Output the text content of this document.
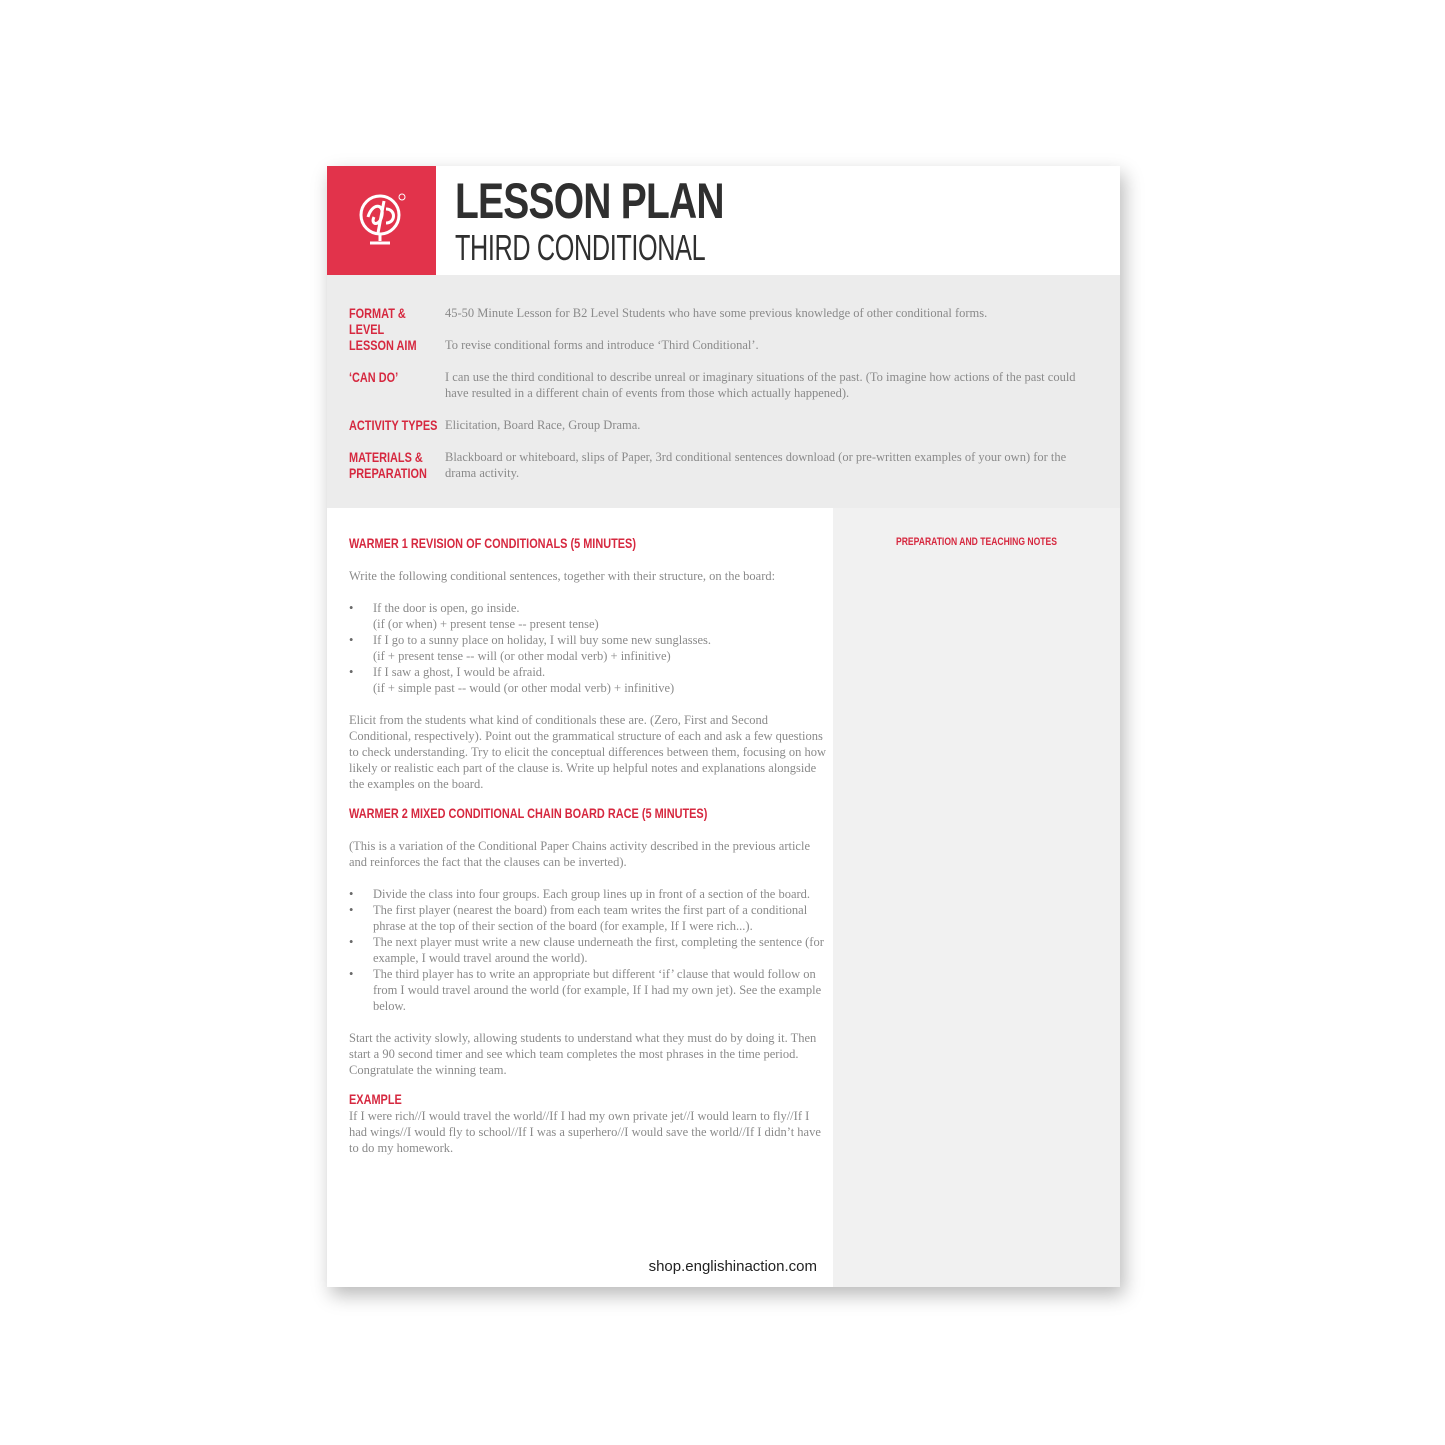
LESSON PLAN
THIRD CONDITIONAL
FORMAT & LEVEL
45-50 Minute Lesson for B2 Level Students who have some previous knowledge of other conditional forms.
LESSON AIM	To revise conditional forms and introduce ‘Third Conditional’.
‘CAN DO’	I can use the third conditional to describe unreal or imaginary situations of the past. (To imagine how actions of the past could have resulted in a different chain of events from those which actually happened).
ACTIVITY TYPES Elicitation, Board Race, Group Drama.
MATERIALS &
PREPARATION
Blackboard or whiteboard, slips of Paper, 3rd conditional sentences download (or pre-written examples of your own) for the drama activity.
WARMER 1 REVISION OF CONDITIONALS (5 MINUTES)

Write the following conditional sentences, together with their structure, on the board:

• If the door is open, go inside.
(if (or when) + present tense -- present tense)
• If I go to a sunny place on holiday, I will buy some new sunglasses.
(if + present tense -- will (or other modal verb) + infinitive)
• If I saw a ghost, I would be afraid.
(if + simple past -- would (or other modal verb) + infinitive)

Elicit from the students what kind of conditionals these are. (Zero, First and Second Conditional, respectively). Point out the grammatical structure of each and ask a few questions to check understanding. Try to elicit the conceptual differences between them, focusing on how likely or realistic each part of the clause is. Write up helpful notes and explanations alongside the examples on the board.

WARMER 2 MIXED CONDITIONAL CHAIN BOARD RACE (5 MINUTES)

(This is a variation of the Conditional Paper Chains activity described in the previous article and reinforces the fact that the clauses can be inverted).

• Divide the class into four groups. Each group lines up in front of a section of the board.
• The first player (nearest the board) from each team writes the first part of a conditional phrase at the top of their section of the board (for example, If I were rich...).
• The next player must write a new clause underneath the first, completing the sentence (for example, I would travel around the world).
• The third player has to write an appropriate but different ‘if’ clause that would follow on from I would travel around the world (for example, If I had my own jet). See the example below.

Start the activity slowly, allowing students to understand what they must do by doing it. Then start a 90 second timer and see which team completes the most phrases in the time period. Congratulate the winning team.

EXAMPLE

If I were rich//I would travel the world//If I had my own private jet//I would learn to fly//If I had wings//I would fly to school//If I was a superhero//I would save the world//If I didn’t have to do my homework.

shop.englishinaction.com
PREPARATION AND TEACHING NOTES
